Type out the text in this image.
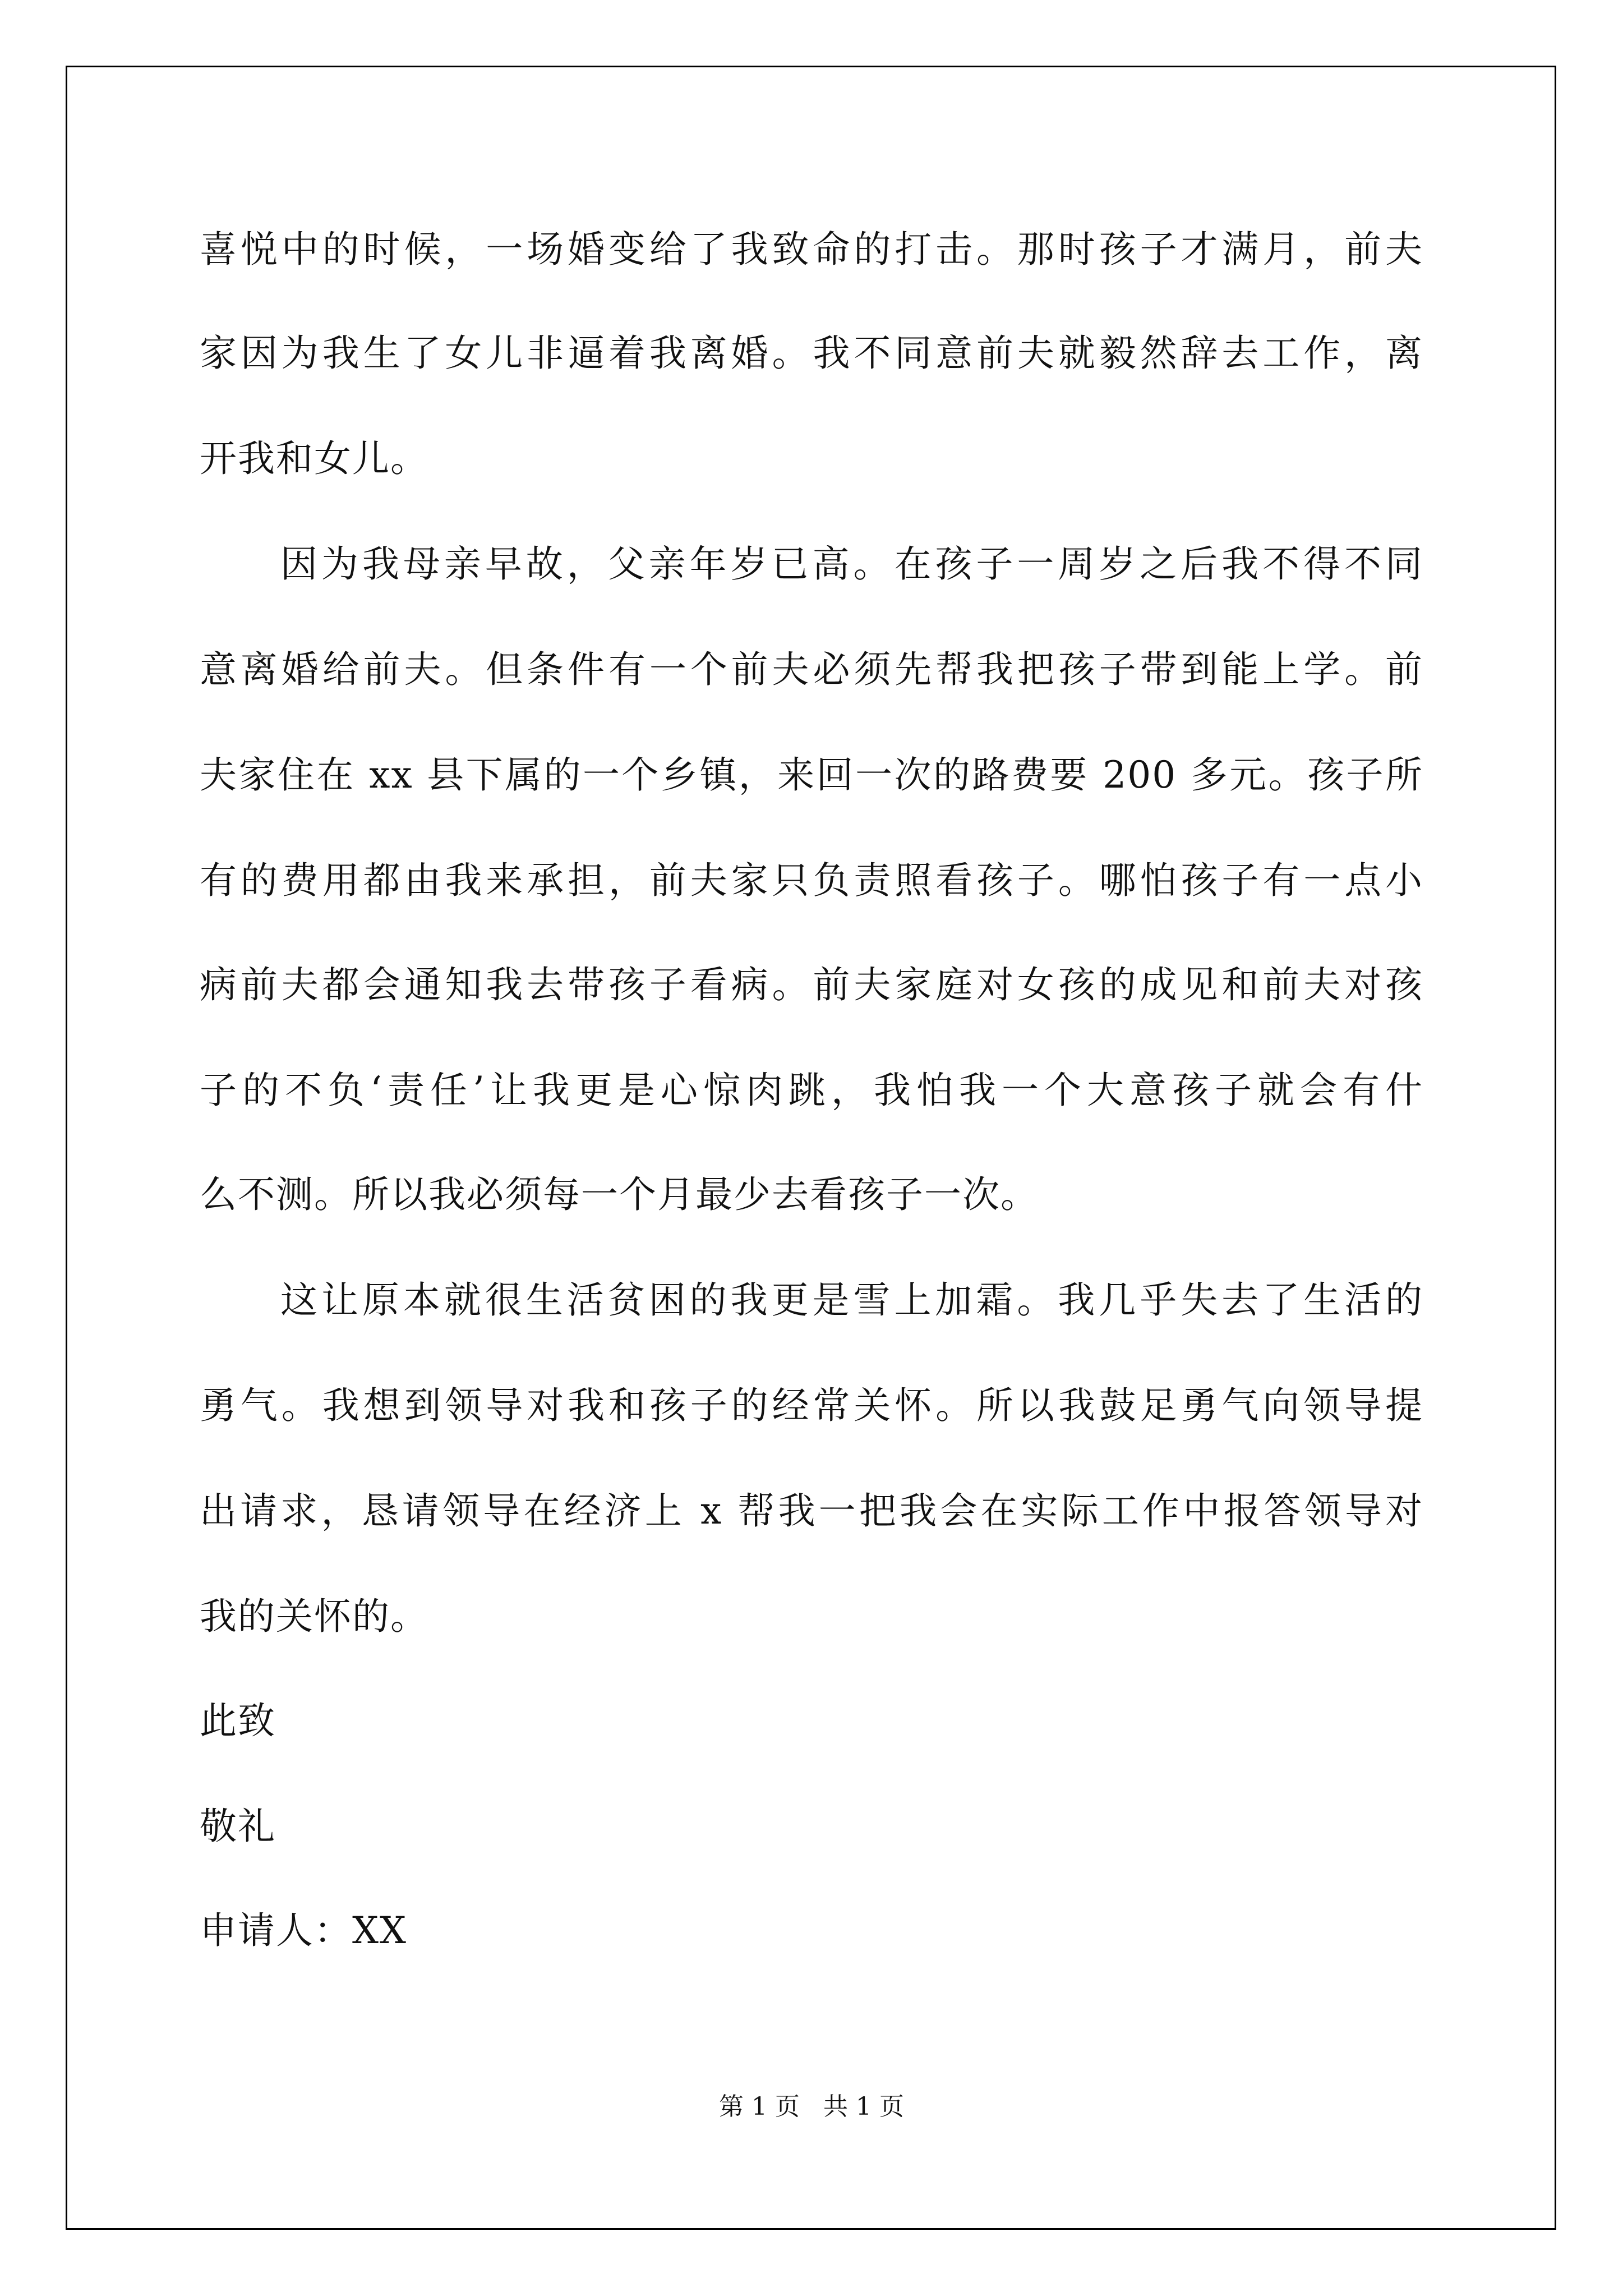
喜悦中的时候，一场婚变给了我致命的打击。那时孩子才满月，前夫
家因为我生了女儿非逼着我离婚。我不同意前夫就毅然辞去工作，离
开我和女儿。
因为我母亲早故，父亲年岁已高。在孩子一周岁之后我不得不同
意离婚给前夫。但条件有一个前夫必须先帮我把孩子带到能上学。前
夫家住在 xx 县下属的一个乡镇，来回一次的路费要 200 多元。孩子所
有的费用都由我来承担，前夫家只负责照看孩子。哪怕孩子有一点小
病前夫都会通知我去带孩子看病。前夫家庭对女孩的成见和前夫对孩
子的不负‘责任’让我更是心惊肉跳，我怕我一个大意孩子就会有什
么不测。所以我必须每一个月最少去看孩子一次。
这让原本就很生活贫困的我更是雪上加霜。我几乎失去了生活的
勇气。我想到领导对我和孩子的经常关怀。所以我鼓足勇气向领导提
出请求，恳请领导在经济上 x 帮我一把我会在实际工作中报答领导对
我的关怀的。
此致
敬礼
申请人：XX
第 1 页   共 1 页
